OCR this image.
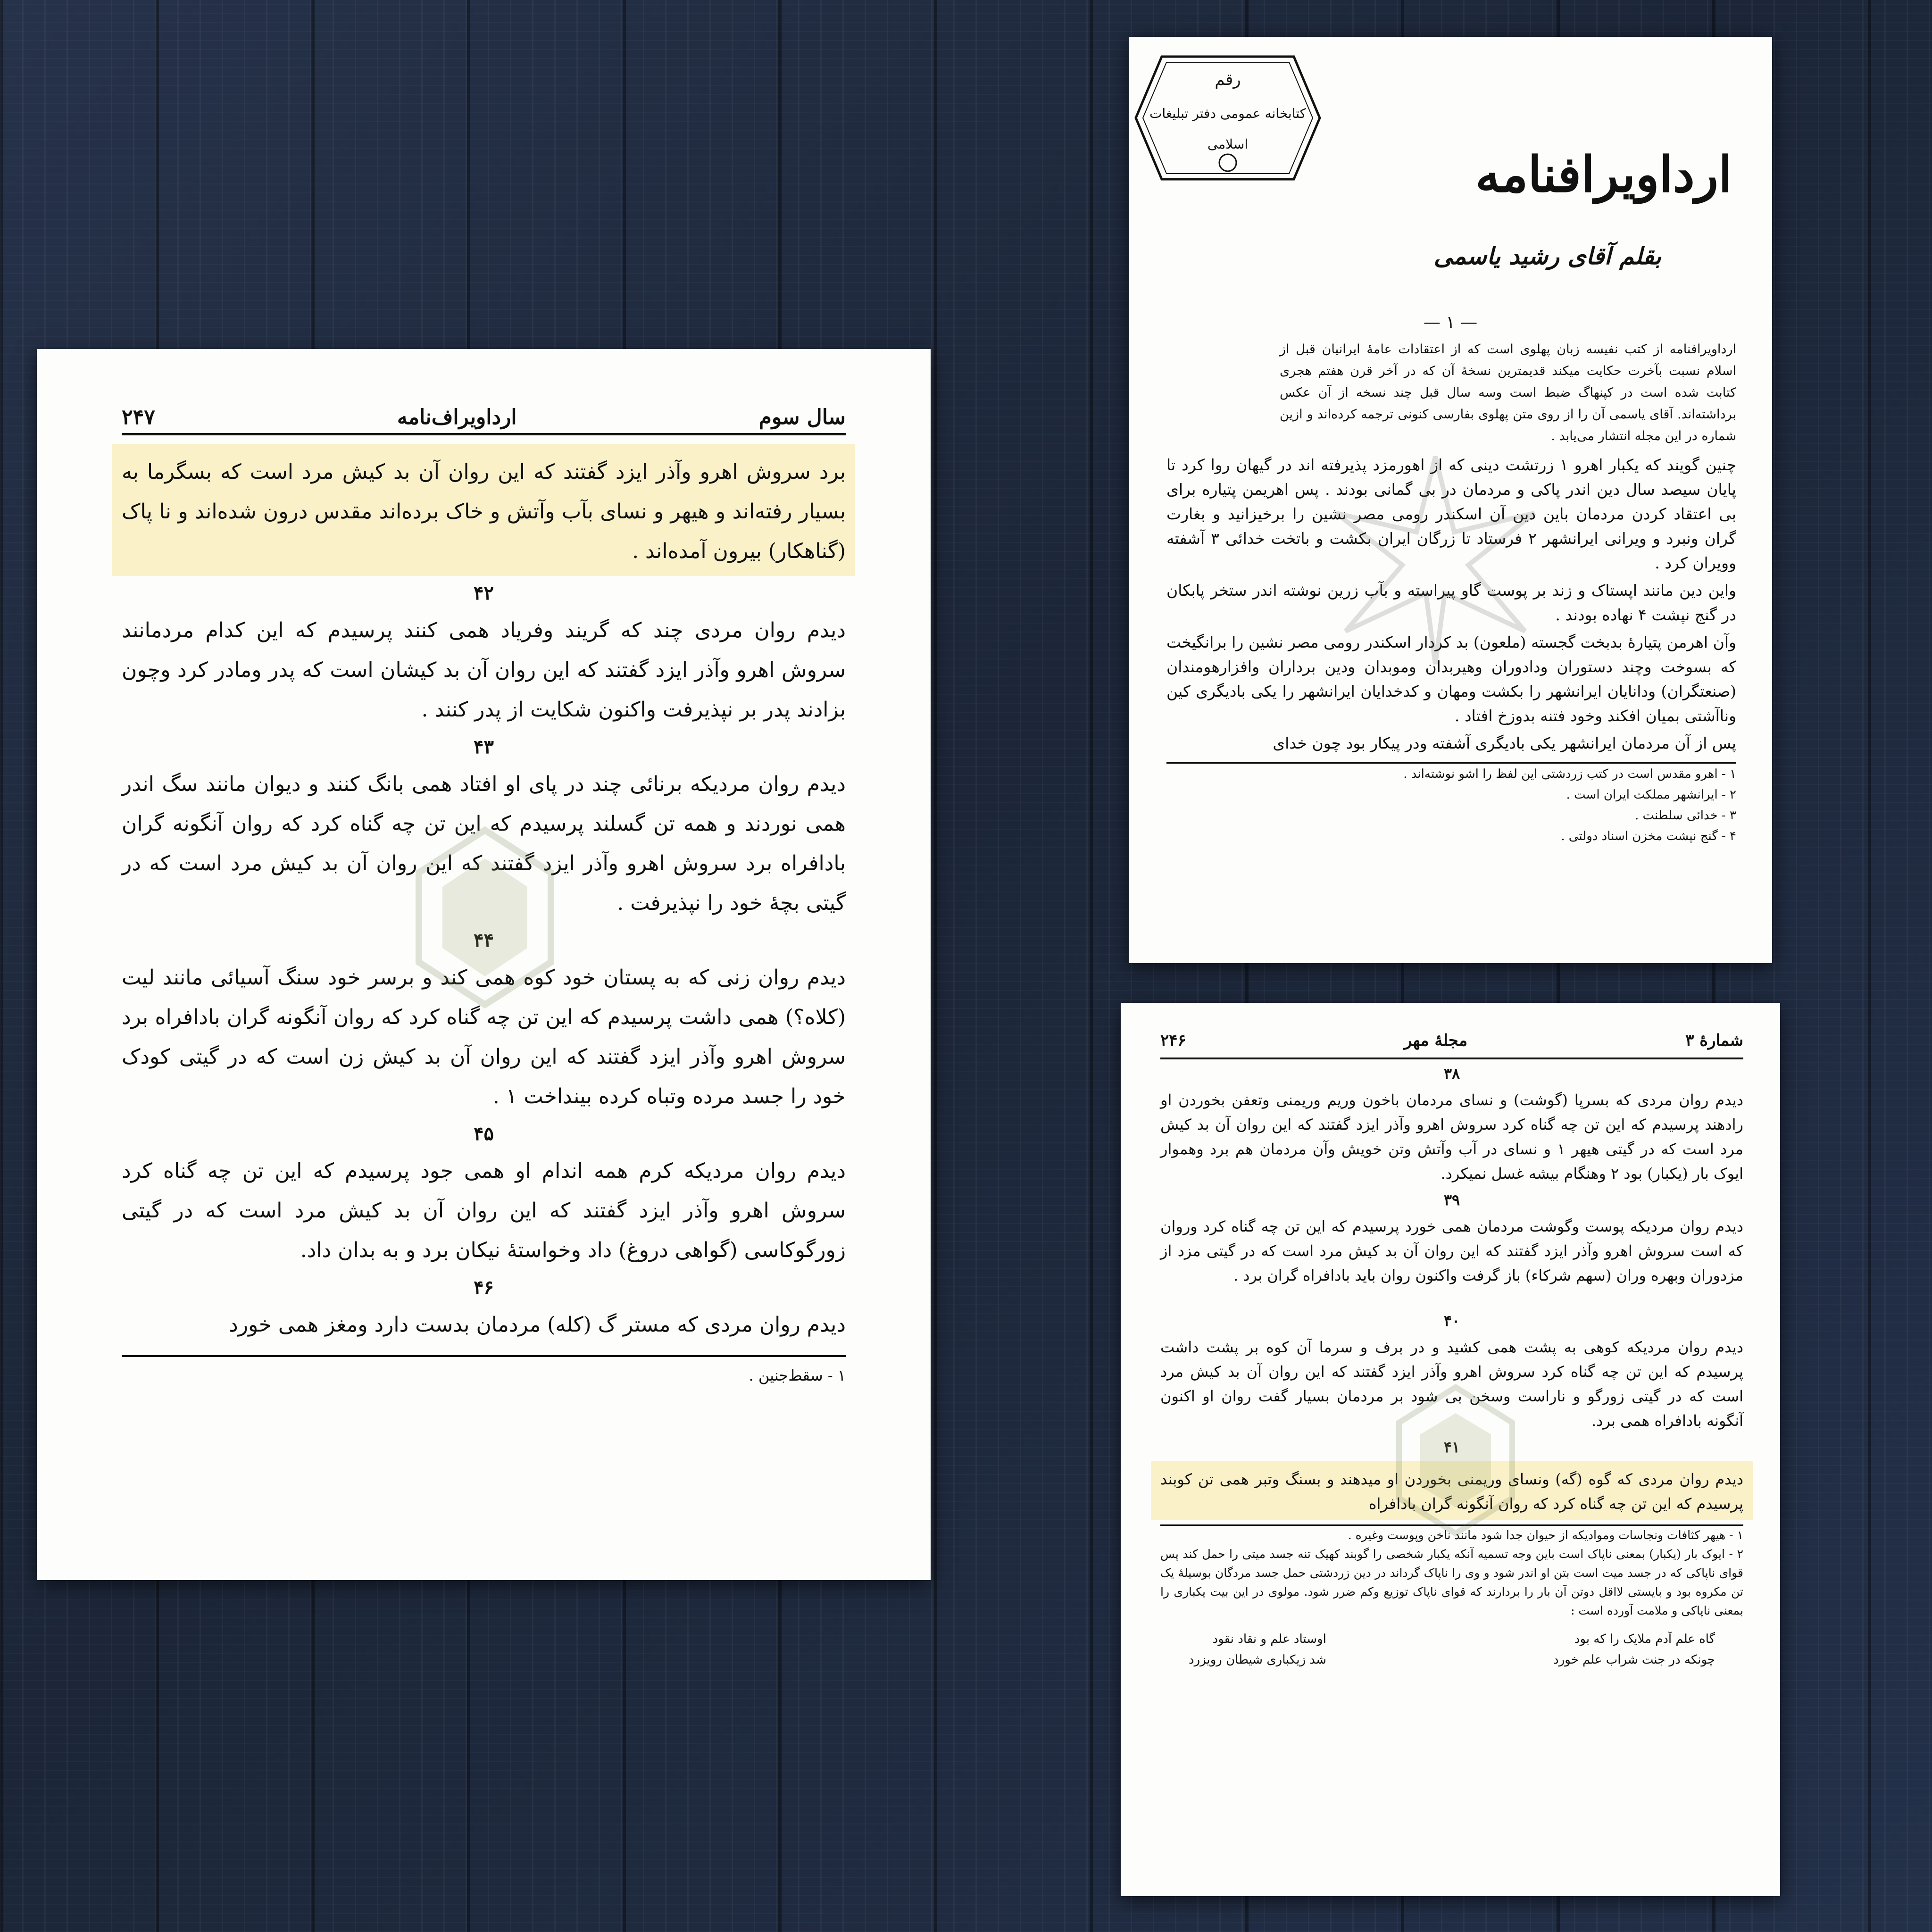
سال سوم
ارداویراف‌نامه
۲۴۷

برد سروش اهرو وآذر ایزد گفتند که این روان آن بد کیش مرد است که بسگرما به بسیار رفته‌اند و هیهر و نسای بآب وآتش و خاک برده‌اند مقدس درون شده‌اند و نا پاک (گناهکار) بیرون آمده‌اند .

۴۲

دیدم روان مردی چند که گریند وفریاد همی کنند پرسیدم که این کدام مردمانند سروش اهرو وآذر ایزد گفتند که این روان آن بد کیشان است که پدر ومادر کرد وچون بزادند پدر بر نپذیرفت واکنون شکایت از پدر کنند .

۴۳

دیدم روان مردیکه برنائی چند در پای او افتاد همی بانگ کنند و دیوان مانند سگ اندر همی نوردند و همه تن گسلند پرسیدم که این تن چه گناه کرد که روان آنگونه گران بادافراه برد سروش اهرو وآذر ایزد گفتند که این روان آن بد کیش مرد است که در گیتی بچهٔ خود را نپذیرفت .

۴۴

دیدم روان زنی که به پستان خود کوه همی کند و برسر خود سنگ آسیائی مانند لیت (کلاه؟) همی داشت پرسیدم که این تن چه گناه کرد که روان آنگونه گران بادافراه برد سروش اهرو وآذر ایزد گفتند که این روان آن بد کیش زن است که در گیتی کودک خود را جسد مرده وتباه کرده بینداخت ۱ .

۴۵

دیدم روان مردیکه کرم همه اندام او همی جود پرسیدم که این تن چه گناه کرد سروش اهرو وآذر ایزد گفتند که این روان آن بد کیش مرد است که در گیتی زورگوکاسی (گواهی دروغ) داد وخواستهٔ نیکان برد و به بدان داد.

۴۶

دیدم روان مردی که مستر گ (کله) مردمان بدست دارد ومغز همی خورد

۱ - سقط‌جنین .
رقم
کتابخانه عمومی دفتر تبلیغات
اسلامی
ارداویرافنامه
بقلم آقای رشید یاسمی
— ۱ —

ارداویرافنامه از کتب نفیسه زبان پهلوی است که از اعتقادات عامهٔ ایرانیان قبل از اسلام نسبت بآخرت حکایت میکند قدیمترین نسخهٔ آن که در آخر قرن هفتم هجری کتابت شده است در کپنهاگ ضبط است وسه سال قبل چند نسخه از آن عکس برداشته‌اند. آقای یاسمی آن را از روی متن پهلوی بفارسی کنونی ترجمه کرده‌اند و ازین شماره در این مجله انتشار می‌یابد .

چنین گویند که یکبار اهرو ۱ زرتشت دینی که از اهورمزد پذیرفته اند در گیهان روا کرد تا پایان سیصد سال دین اندر پاکی و مردمان در بی گمانی بودند . پس اهریمن پتیاره برای بی اعتقاد کردن مردمان باین دین آن اسکندر رومی مصر نشین را برخیزانید و بغارت گران ونبرد و ویرانی ایرانشهر ۲ فرستاد تا زرگان ایران بکشت و باتخت خدائی ۳ آشفته وویران کرد .

واین دین مانند اپستاک و زند بر پوست گاو پیراسته و بآب زرین نوشته اندر ستخر پابکان در گنج نپشت ۴ نهاده بودند .

وآن اهرمن پتیارهٔ بدبخت گجسته (ملعون) بد کردار اسکندر رومی مصر نشین را برانگیخت که بسوخت وچند دستوران ودادوران وهیربدان وموبدان ودین برداران وافزارهومندان (صنعتگران) ودانایان ایرانشهر را بکشت ومهان و کدخدایان ایرانشهر را یکی بادیگری کین وناآشتی بمیان افکند وخود فتنه بدوزخ افتاد .

پس از آن مردمان ایرانشهر یکی بادیگری آشفته ودر پیکار بود چون خدای

۱ - اهرو مقدس است در کتب زردشتی این لفظ را اشو نوشته‌اند .
۲ - ایرانشهر مملکت ایران است .
۳ - خدائی سلطنت .
۴ - گنج نپشت مخزن اسناد دولتی .
شمارهٔ ۳
مجلهٔ مهر
۲۴۶
۳۸

دیدم روان مردی که بسرپا (گوشت) و نسای مردمان باخون وریم وریمنی وتعفن بخوردن او رادهند پرسیدم که این تن چه گناه کرد سروش اهرو وآذر ایزد گفتند که این روان آن بد کیش مرد است که در گیتی هیهر ۱ و نسای در آب وآتش وتن خویش وآن مردمان هم برد وهموار ایوک بار (یکبار) بود ۲ وهنگام بیشه غسل نمیکرد.

۳۹

دیدم روان مردیکه پوست وگوشت مردمان همی خورد پرسیدم که این تن چه گناه کرد وروان که است سروش اهرو وآذر ایزد گفتند که این روان آن بد کیش مرد است که در گیتی مزد از مزدوران وبهره وران (سهم شرکاء) باز گرفت واکنون روان باید بادافراه گران برد .

۴۰

دیدم روان مردیکه کوهی به پشت همی کشید و در برف و سرما آن کوه بر پشت داشت پرسیدم که این تن چه گناه کرد سروش اهرو وآذر ایزد گفتند که این روان آن بد کیش مرد است که در گیتی زورگو و ناراست وسخن بی شود بر مردمان بسیار گفت روان او اکنون آنگونه بادافراه همی برد.

۴۱

دیدم روان مردی که گوه (گه) ونسای وریمنی بخوردن او میدهند و بسنگ وتبر همی تن کوبند پرسیدم که این تن چه گناه کرد که روان آنگونه گران بادافراه

۱ - هیهر کثافات ونجاسات وموادیکه از حیوان جدا شود مانند ناخن وپوست وغیره .
۲ - ایوک بار (یکبار) بمعنی ناپاک است باین وجه تسمیه آنکه یکبار شخصی را گوبند کهیک تنه جسد میتی را حمل کند پس قوای ناپاکی که در جسد میت است بتن او اندر شود و وی را ناپاک گرداند در دین زردشتی حمل جسد مردگان بوسیلهٔ یک تن مکروه بود و بایستی لااقل دوتن آن بار را بردارند که قوای ناپاک توزیع وکم ضرر شود. مولوی در این بیت یکباری را بمعنی ناپاکی و ملامت آورده است :
گاه علم آدم ملایک را که بود
چونکه در جنت شراب علم خورد
اوستاد علم و نقاد نقود
شد زیکباری شیطان رویزرد
